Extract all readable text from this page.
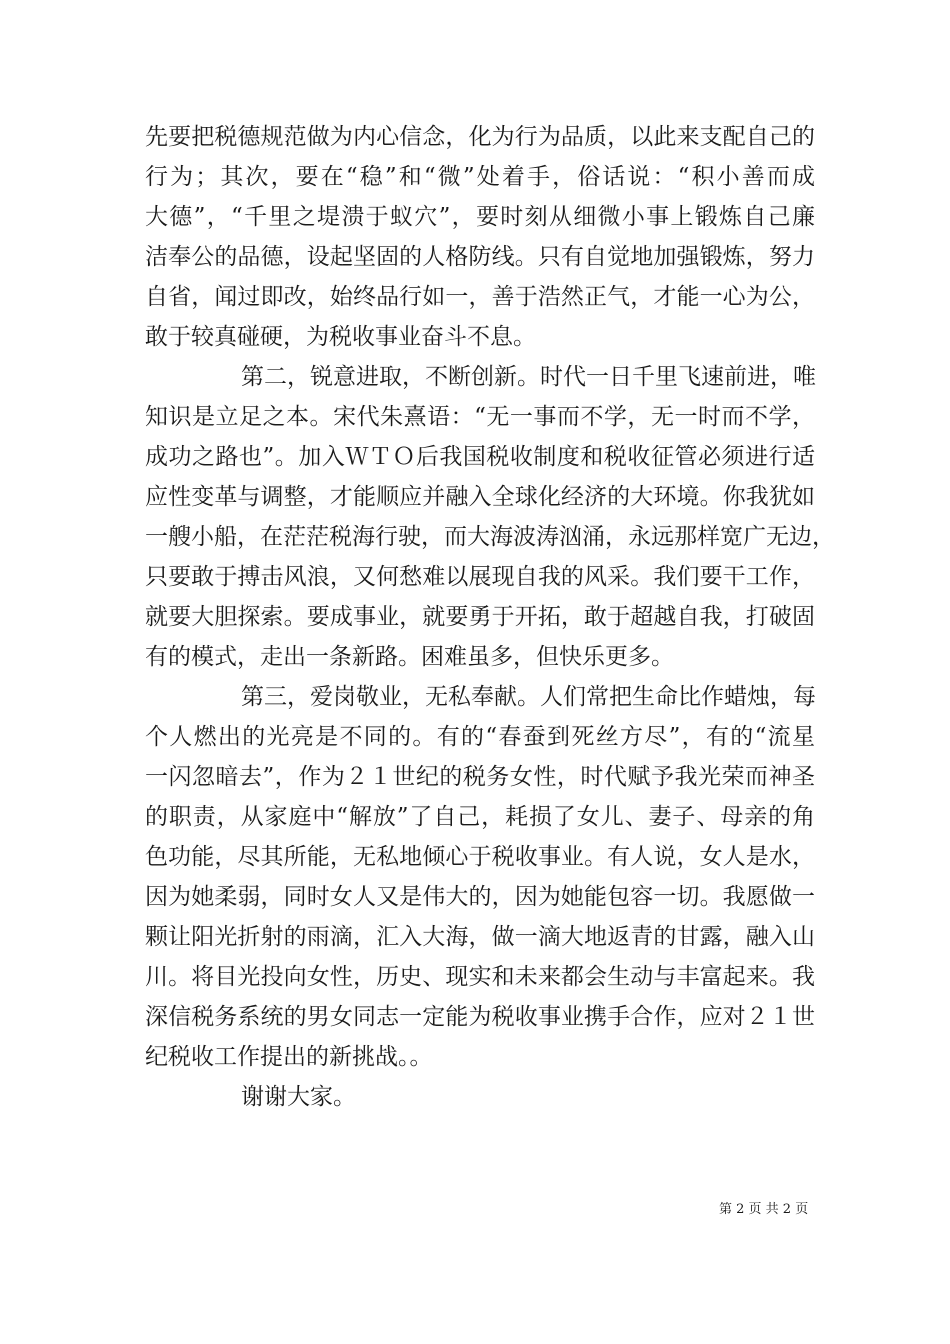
先要把税德规范做为内心信念，化为行为品质，以此来支配自己的
行为；其次，要在“稳”和“微”处着手，俗话说：“积小善而成
大德”，“千里之堤溃于蚁穴”，要时刻从细微小事上锻炼自己廉
洁奉公的品德，设起坚固的人格防线。只有自觉地加强锻炼，努力
自省，闻过即改，始终品行如一，善于浩然正气，才能一心为公，
敢于较真碰硬，为税收事业奋斗不息。
第二，锐意进取，不断创新。时代一日千里飞速前进，唯
知识是立足之本。宋代朱熹语：“无一事而不学，无一时而不学，
成功之路也”。加入ＷＴＯ后我国税收制度和税收征管必须进行适
应性变革与调整，才能顺应并融入全球化经济的大环境。你我犹如
一艘小船，在茫茫税海行驶，而大海波涛汹涌，永远那样宽广无边，
只要敢于搏击风浪，又何愁难以展现自我的风采。我们要干工作，
就要大胆探索。要成事业，就要勇于开拓，敢于超越自我，打破固
有的模式，走出一条新路。困难虽多，但快乐更多。
第三，爱岗敬业，无私奉献。人们常把生命比作蜡烛，每
个人燃出的光亮是不同的。有的“春蚕到死丝方尽”，有的“流星
一闪忽暗去”，作为２１世纪的税务女性，时代赋予我光荣而神圣
的职责，从家庭中“解放”了自己，耗损了女儿、妻子、母亲的角
色功能，尽其所能，无私地倾心于税收事业。有人说，女人是水，
因为她柔弱，同时女人又是伟大的，因为她能包容一切。我愿做一
颗让阳光折射的雨滴，汇入大海，做一滴大地返青的甘露，融入山
川。将目光投向女性，历史、现实和未来都会生动与丰富起来。我
深信税务系统的男女同志一定能为税收事业携手合作，应对２１世
纪税收工作提出的新挑战。。
谢谢大家。
第 2 页 共 2 页
